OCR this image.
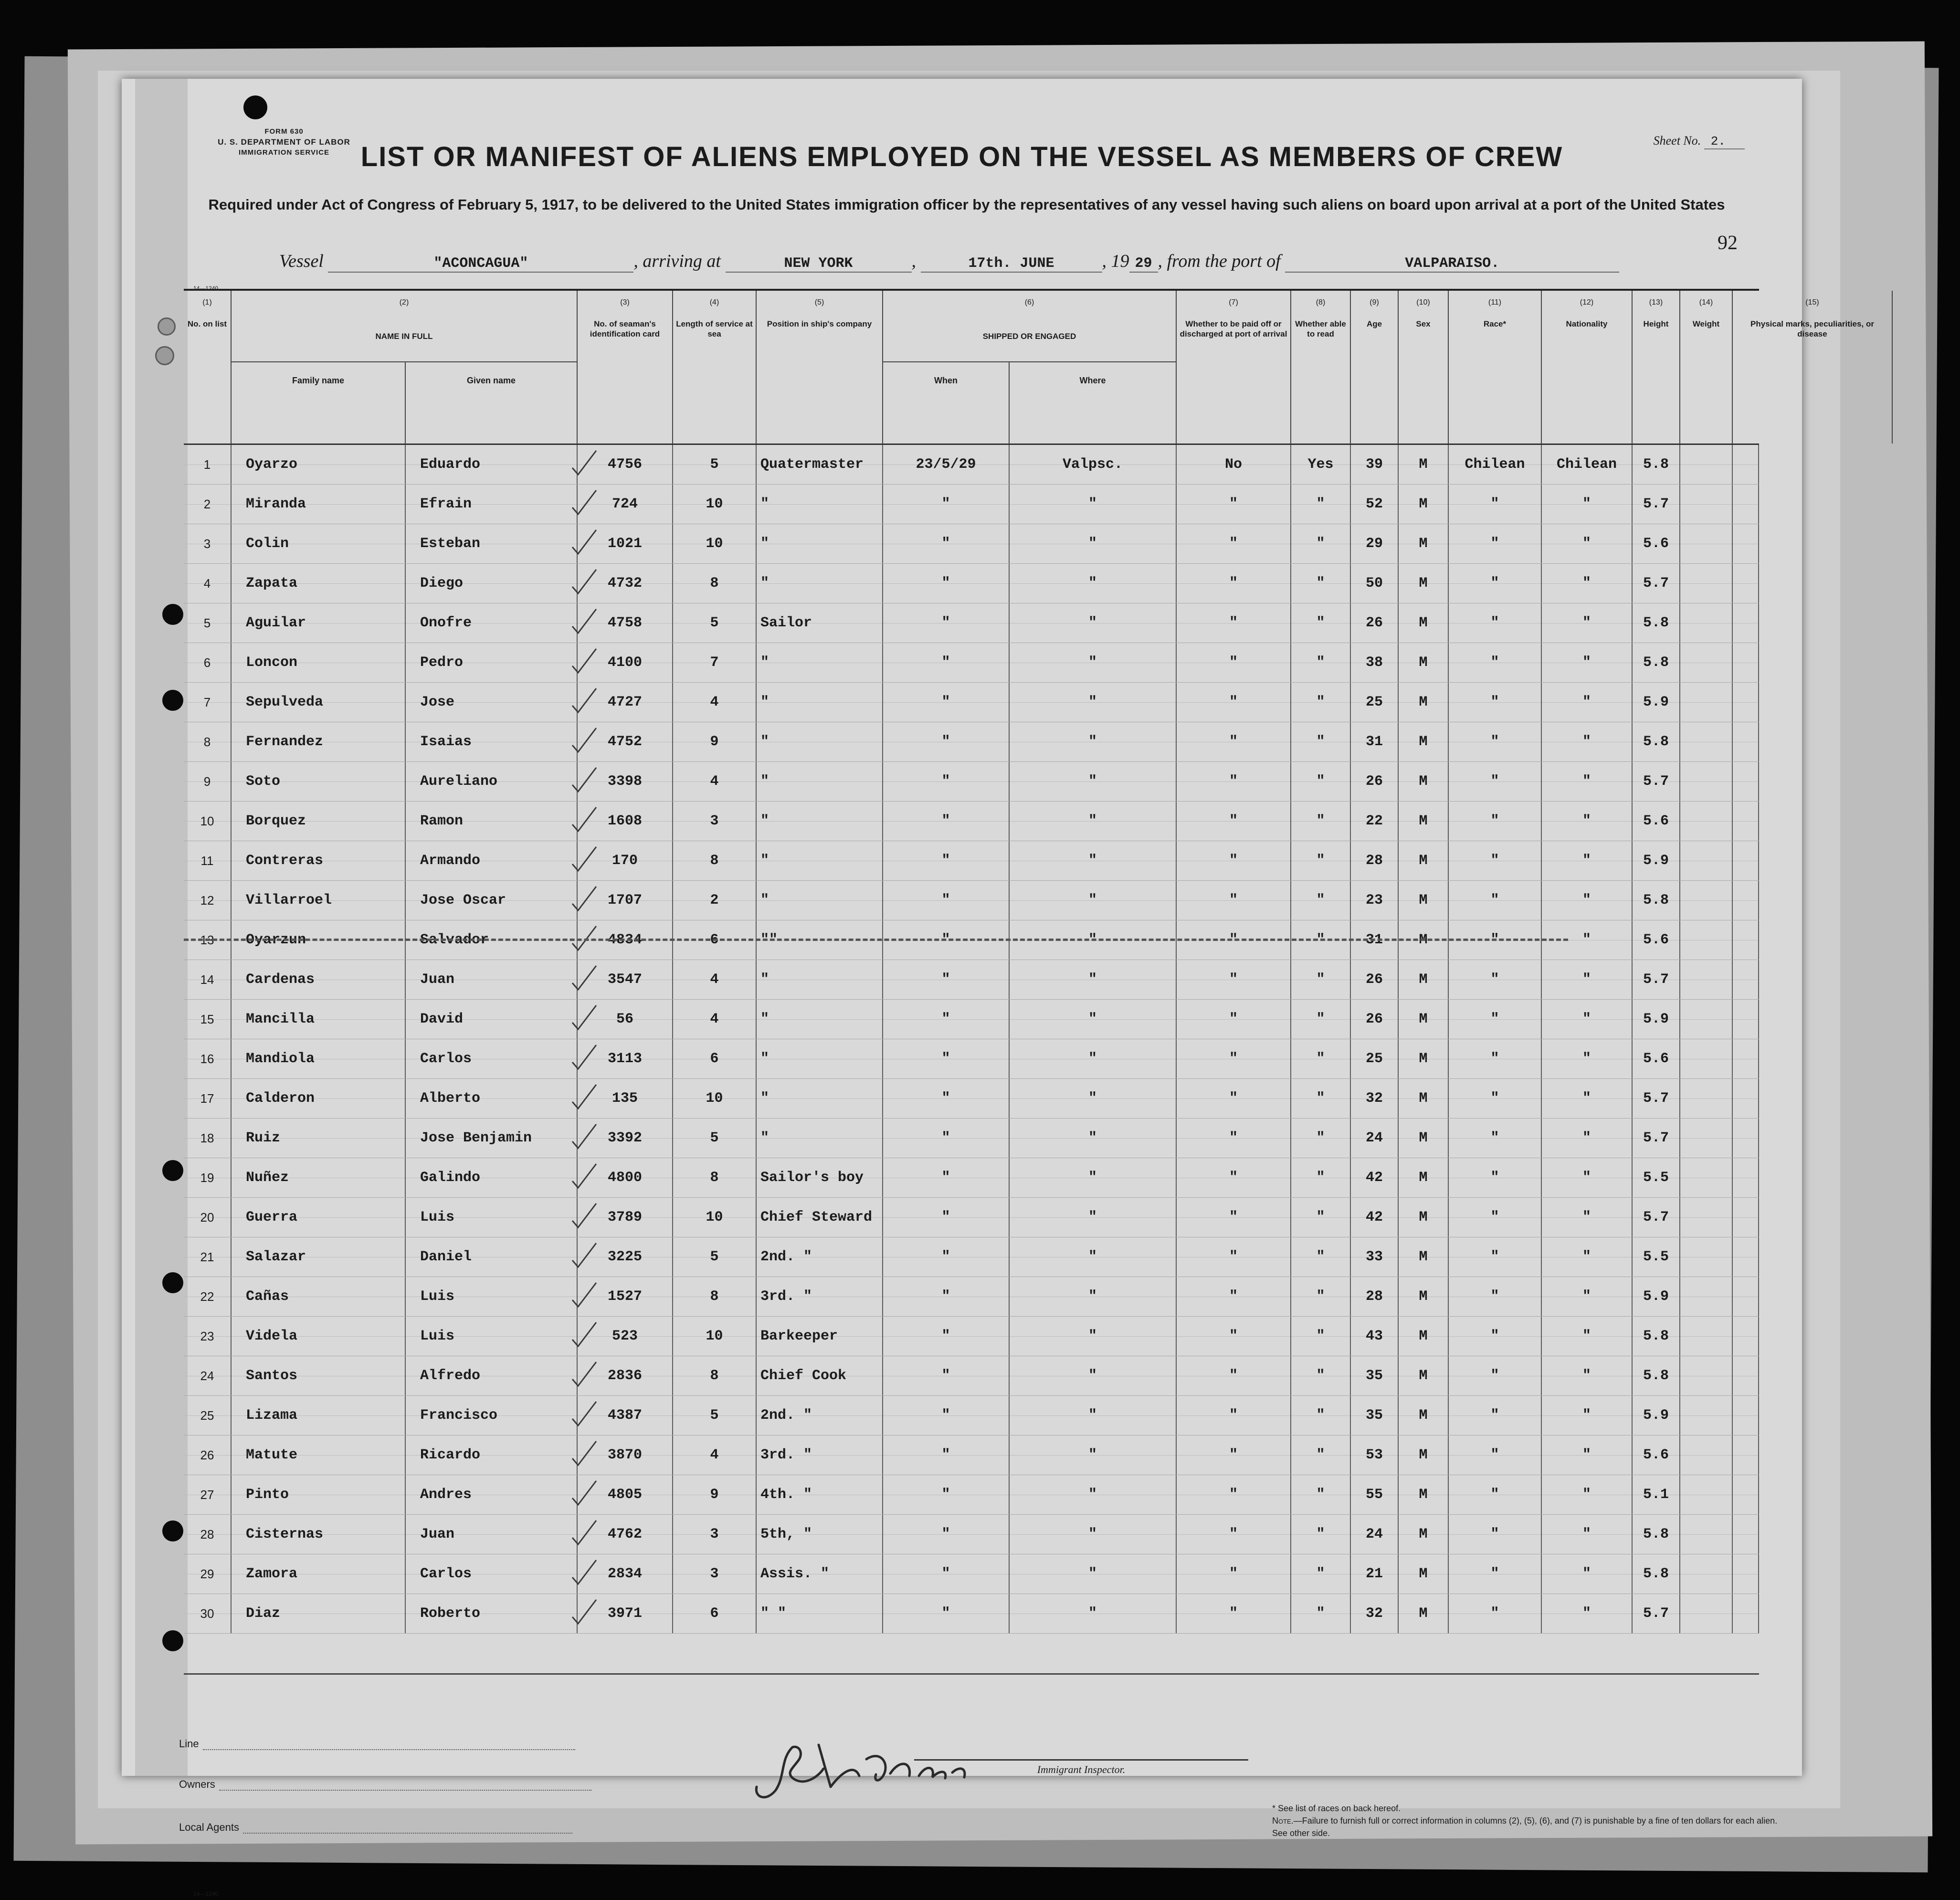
FORM 630
U. S. DEPARTMENT OF LABOR
IMMIGRATION SERVICE
Sheet No. 2.
LIST OR MANIFEST OF ALIENS EMPLOYED ON THE VESSEL AS MEMBERS OF CREW
Required under Act of Congress of February 5, 1917, to be delivered to the United States immigration officer by the representatives of any vessel having such aliens on board upon arrival at a port of the United States
92
Vessel	"ACONCAGUA"	, arriving at	NEW YORK	,	17th. JUNE	, 19 29 , from the port of	VALPARAISO.
14—1240
(1)
No. on list
(2)
NAME IN FULL
(3)
No. of seaman's identification card
(4)
Length of service at sea
(5)
Position in ship's company
(6)
SHIPPED OR ENGAGED
(7)
Whether to be paid off or discharged at port of arrival
(8)
Whether able to read
(9)
Age
(10)
Sex
(11)
Race*
(12)
Nationality
(13)
Height
(14)
Weight
(15)
Physical marks, peculiarities, or disease
Family name	Given name	When	Where
1	Oyarzo	Eduardo	4756	5	Quatermaster	23/5/29	Valpsc.	No	Yes	39	M	Chilean	Chilean	5.8
2	Miranda	Efrain	724	10	"	"	"	"	"	52	M	"	"	5.7
3	Colin	Esteban	1021	10	"	"	"	"	"	29	M	"	"	5.6
4	Zapata	Diego	4732	8	"	"	"	"	"	50	M	"	"	5.7
5	Aguilar	Onofre	4758	5	Sailor	"	"	"	"	26	M	"	"	5.8
6	Loncon	Pedro	4100	7	"	"	"	"	"	38	M	"	"	5.8
7	Sepulveda	Jose	4727	4	"	"	"	"	"	25	M	"	"	5.9
8	Fernandez	Isaias	4752	9	"	"	"	"	"	31	M	"	"	5.8
9	Soto	Aureliano	3398	4	"	"	"	"	"	26	M	"	"	5.7
10	Borquez	Ramon	1608	3	"	"	"	"	"	22	M	"	"	5.6
11	Contreras	Armando	170	8	"	"	"	"	"	28	M	"	"	5.9
12	Villarroel	Jose Oscar	1707	2	"	"	"	"	"	23	M	"	"	5.8
13	Oyarzun	Salvador	4834	6	""	"	"	"	"	31	M	"	"	5.6
14	Cardenas	Juan	3547	4	"	"	"	"	"	26	M	"	"	5.7
15	Mancilla	David	56	4	"	"	"	"	"	26	M	"	"	5.9
16	Mandiola	Carlos	3113	6	"	"	"	"	"	25	M	"	"	5.6
17	Calderon	Alberto	135	10	"	"	"	"	"	32	M	"	"	5.7
18	Ruiz	Jose Benjamin	3392	5	"	"	"	"	"	24	M	"	"	5.7
19	Nuñez	Galindo	4800	8	Sailor's boy	"	"	"	"	42	M	"	"	5.5
20	Guerra	Luis	3789	10	Chief Steward	"	"	"	"	42	M	"	"	5.7
21	Salazar	Daniel	3225	5	2nd. "	"	"	"	"	33	M	"	"	5.5
22	Cañas	Luis	1527	8	3rd. "	"	"	"	"	28	M	"	"	5.9
23	Videla	Luis	523	10	Barkeeper	"	"	"	"	43	M	"	"	5.8
24	Santos	Alfredo	2836	8	Chief Cook	"	"	"	"	35	M	"	"	5.8
25	Lizama	Francisco	4387	5	2nd. "	"	"	"	"	35	M	"	"	5.9
26	Matute	Ricardo	3870	4	3rd. "	"	"	"	"	53	M	"	"	5.6
27	Pinto	Andres	4805	9	4th. "	"	"	"	"	55	M	"	"	5.1
28	Cisternas	Juan	4762	3	5th, "	"	"	"	"	24	M	"	"	5.8
29	Zamora	Carlos	2834	3	Assis. "	"	"	"	"	21	M	"	"	5.8
30	Diaz	Roberto	3971	6	" "	"	"	"	"	32	M	"	"	5.7
Line
Owners
Local Agents
14—1240
Immigrant Inspector.
* See list of races on back hereof.
Note.—Failure to furnish full or correct information in columns (2), (5), (6), and (7) is punishable by a fine of ten dollars for each alien. See other side.
